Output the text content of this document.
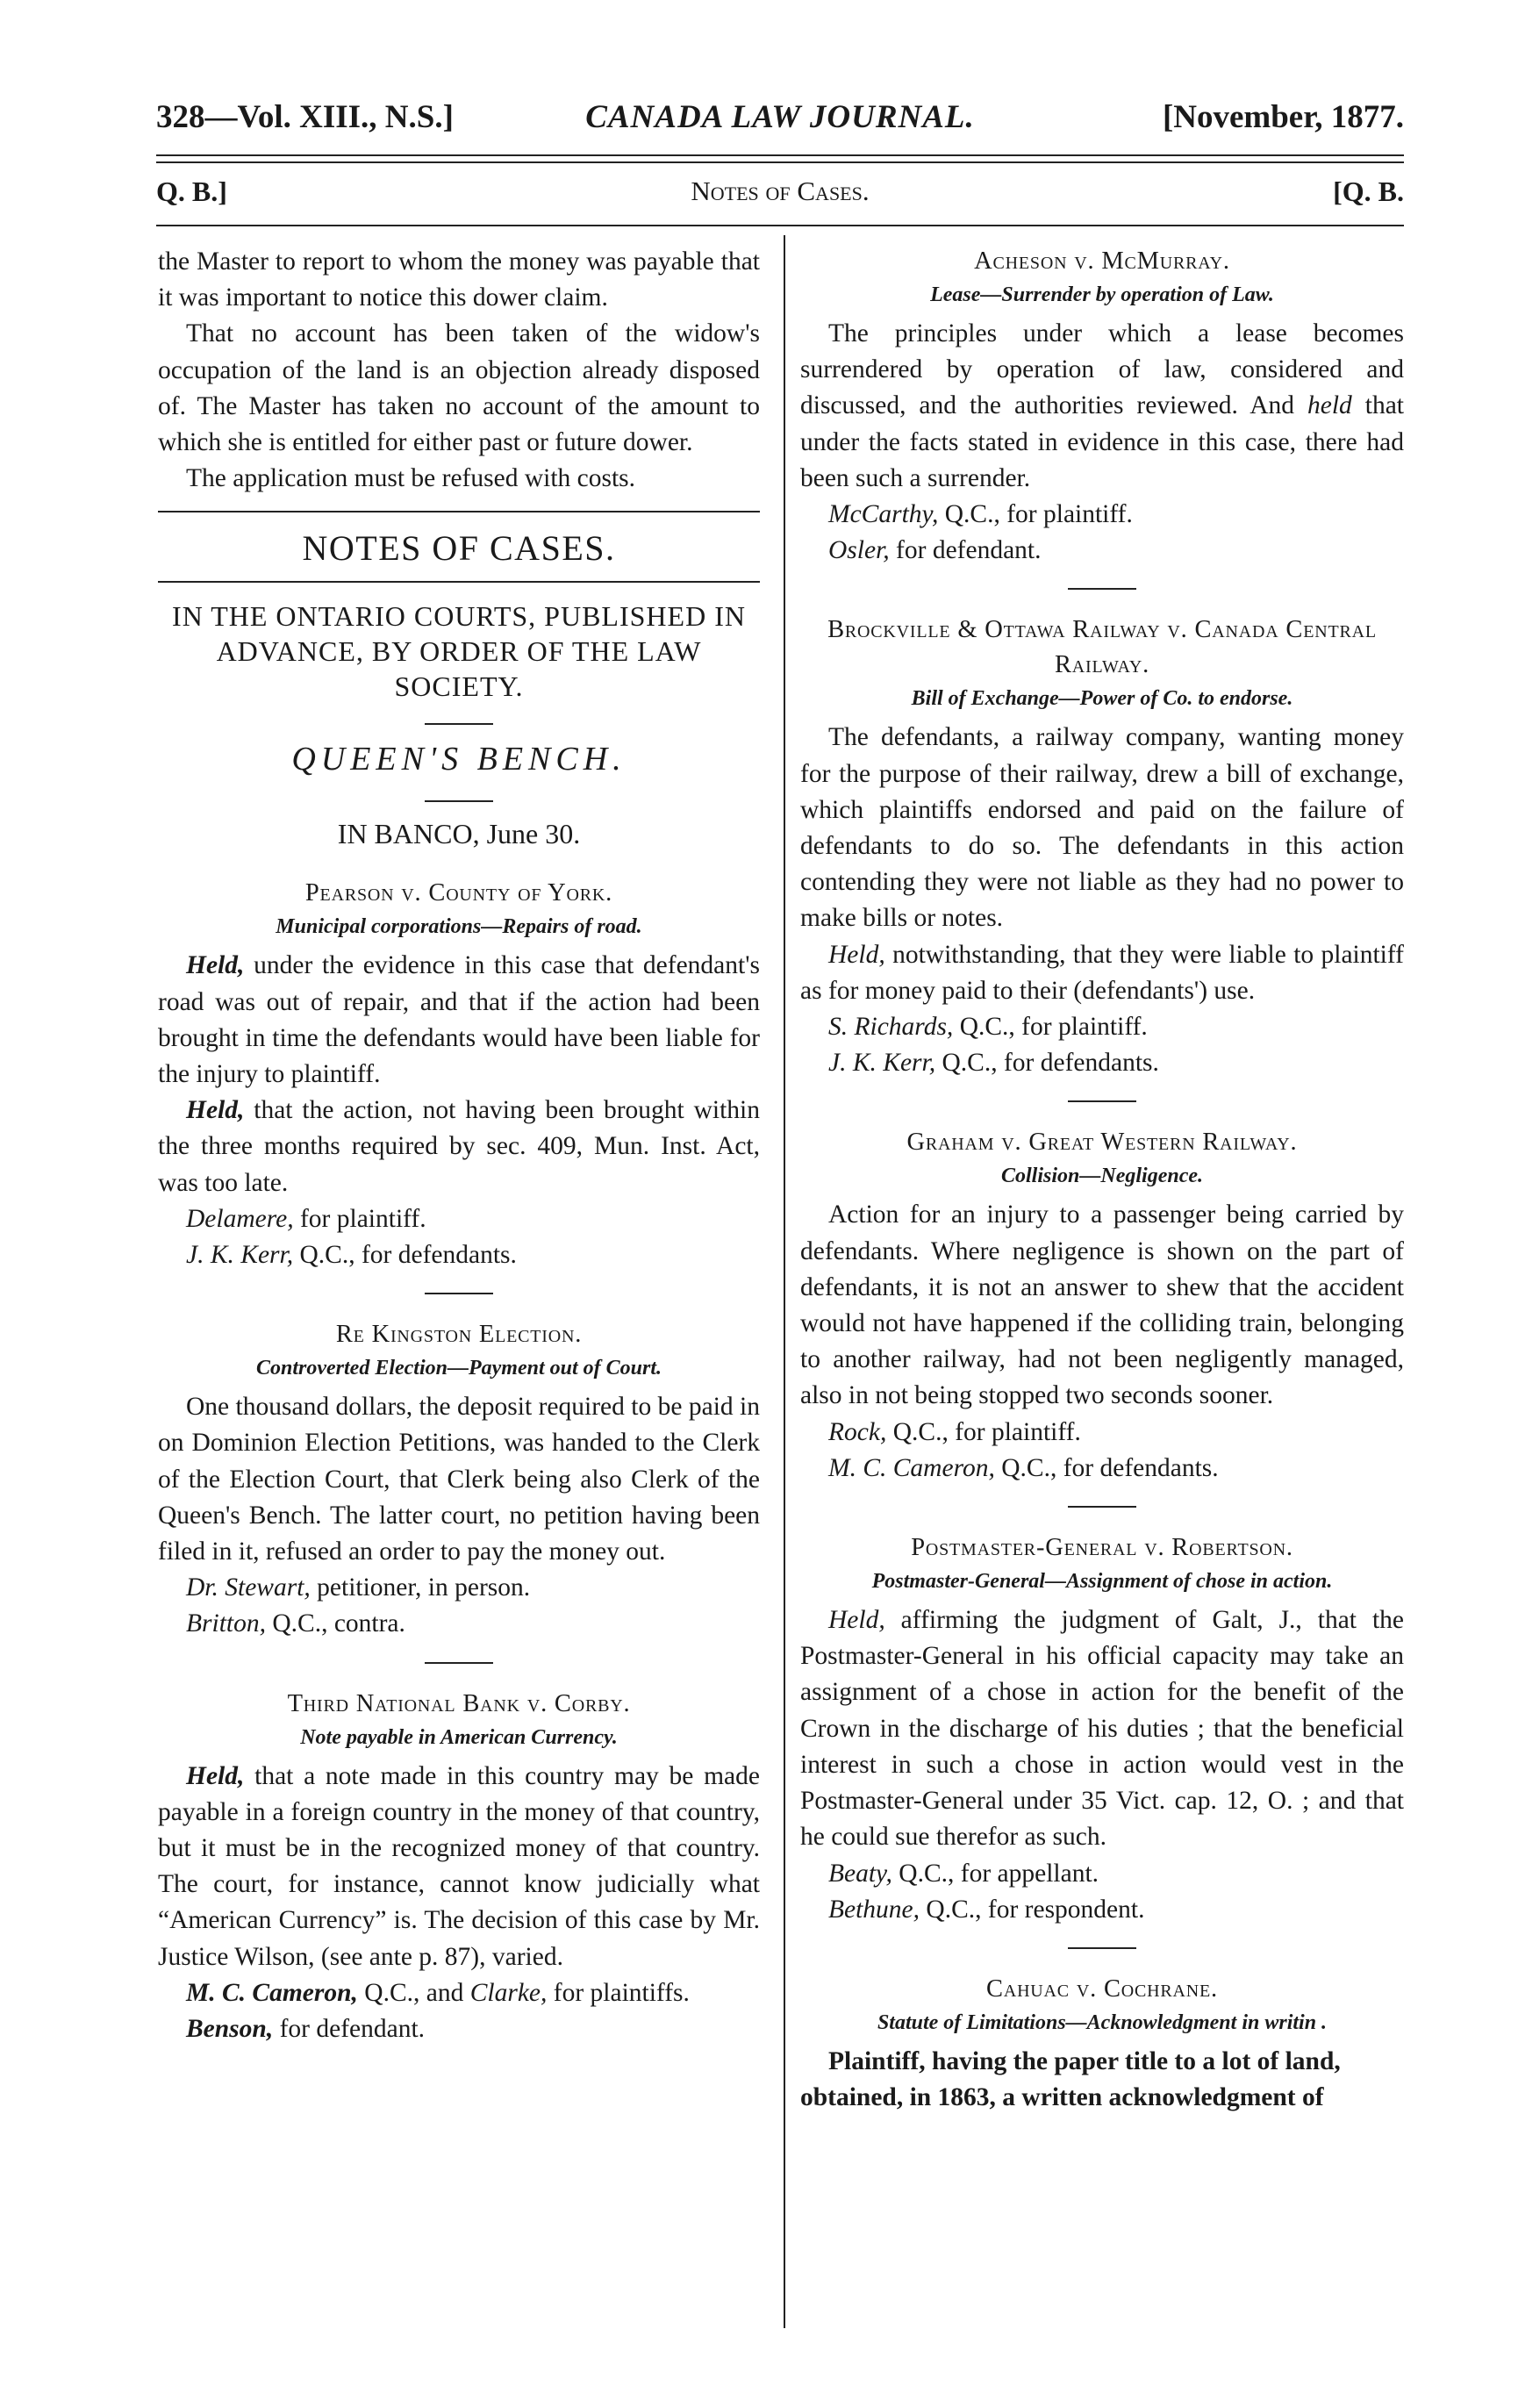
328—Vol. XIII., N.S.]	CANADA LAW JOURNAL.	[November, 1877.
Q. B.]	Notes of Cases.	[Q. B.

the Master to report to whom the money was payable that it was important to notice this dower claim.

That no account has been taken of the widow's occupation of the land is an objection already disposed of. The Master has taken no account of the amount to which she is entitled for either past or future dower.

The application must be refused with costs.

NOTES OF CASES.
IN THE ONTARIO COURTS, PUBLISHED IN ADVANCE, BY ORDER OF THE LAW SOCIETY.
QUEEN'S BENCH.
IN BANCO, June 30.
Pearson v. County of York.
Municipal corporations—Repairs of road.

Held, under the evidence in this case that defendant's road was out of repair, and that if the action had been brought in time the defendants would have been liable for the injury to plaintiff.

Held, that the action, not having been brought within the three months required by sec. 409, Mun. Inst. Act, was too late.

Delamere, for plaintiff.
J. K. Kerr, Q.C., for defendants.
Re Kingston Election.
Controverted Election—Payment out of Court.

One thousand dollars, the deposit required to be paid in on Dominion Election Petitions, was handed to the Clerk of the Election Court, that Clerk being also Clerk of the Queen's Bench. The latter court, no petition having been filed in it, refused an order to pay the money out.

Dr. Stewart, petitioner, in person.
Britton, Q.C., contra.
Third National Bank v. Corby.
Note payable in American Currency.

Held, that a note made in this country may be made payable in a foreign country in the money of that country, but it must be in the recognized money of that country. The court, for instance, cannot know judicially what “American Currency” is. The decision of this case by Mr. Justice Wilson, (see ante p. 87), varied.

M. C. Cameron, Q.C., and Clarke, for plaintiffs.
Benson, for defendant.
Acheson v. McMurray.
Lease—Surrender by operation of Law.

The principles under which a lease becomes surrendered by operation of law, considered and discussed, and the authorities reviewed. And held that under the facts stated in evidence in this case, there had been such a surrender.

McCarthy, Q.C., for plaintiff.
Osler, for defendant.
Brockville & Ottawa Railway v. Canada Central Railway.
Bill of Exchange—Power of Co. to endorse.

The defendants, a railway company, wanting money for the purpose of their railway, drew a bill of exchange, which plaintiffs endorsed and paid on the failure of defendants to do so. The defendants in this action contending they were not liable as they had no power to make bills or notes.

Held, notwithstanding, that they were liable to plaintiff as for money paid to their (defendants') use.

S. Richards, Q.C., for plaintiff.
J. K. Kerr, Q.C., for defendants.
Graham v. Great Western Railway.
Collision—Negligence.

Action for an injury to a passenger being carried by defendants. Where negligence is shown on the part of defendants, it is not an answer to shew that the accident would not have happened if the colliding train, belonging to another railway, had not been negligently managed, also in not being stopped two seconds sooner.

Rock, Q.C., for plaintiff.
M. C. Cameron, Q.C., for defendants.
Postmaster-General v. Robertson.
Postmaster-General—Assignment of chose in action.

Held, affirming the judgment of Galt, J., that the Postmaster-General in his official capacity may take an assignment of a chose in action for the benefit of the Crown in the discharge of his duties ; that the beneficial interest in such a chose in action would vest in the Postmaster-General under 35 Vict. cap. 12, O. ; and that he could sue therefor as such.

Beaty, Q.C., for appellant.
Bethune, Q.C., for respondent.
Cahuac v. Cochrane.
Statute of Limitations—Acknowledgment in writin .

Plaintiff, having the paper title to a lot of land, obtained, in 1863, a written acknowledgment of
